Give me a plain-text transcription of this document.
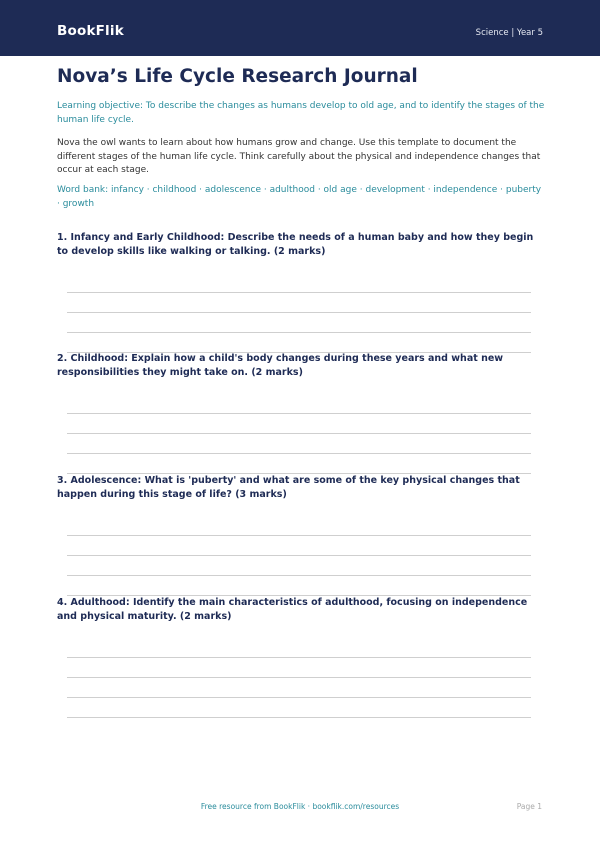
BookFlik	Science | Year 5
Nova’s Life Cycle Research Journal

Learning objective: To describe the changes as humans develop to old age, and to identify the stages of the human life cycle.

Nova the owl wants to learn about how humans grow and change. Use this template to document the different stages of the human life cycle. Think carefully about the physical and independence changes that occur at each stage.

Word bank: infancy · childhood · adolescence · adulthood · old age · development · independence · puberty · growth

1. Infancy and Early Childhood: Describe the needs of a human baby and how they begin to develop skills like walking or talking. (2 marks)

2. Childhood: Explain how a child's body changes during these years and what new responsibilities they might take on. (2 marks)

3. Adolescence: What is 'puberty' and what are some of the key physical changes that happen during this stage of life? (3 marks)

4. Adulthood: Identify the main characteristics of adulthood, focusing on independence and physical maturity. (2 marks)

Free resource from BookFlik · bookflik.com/resources	Page 1
